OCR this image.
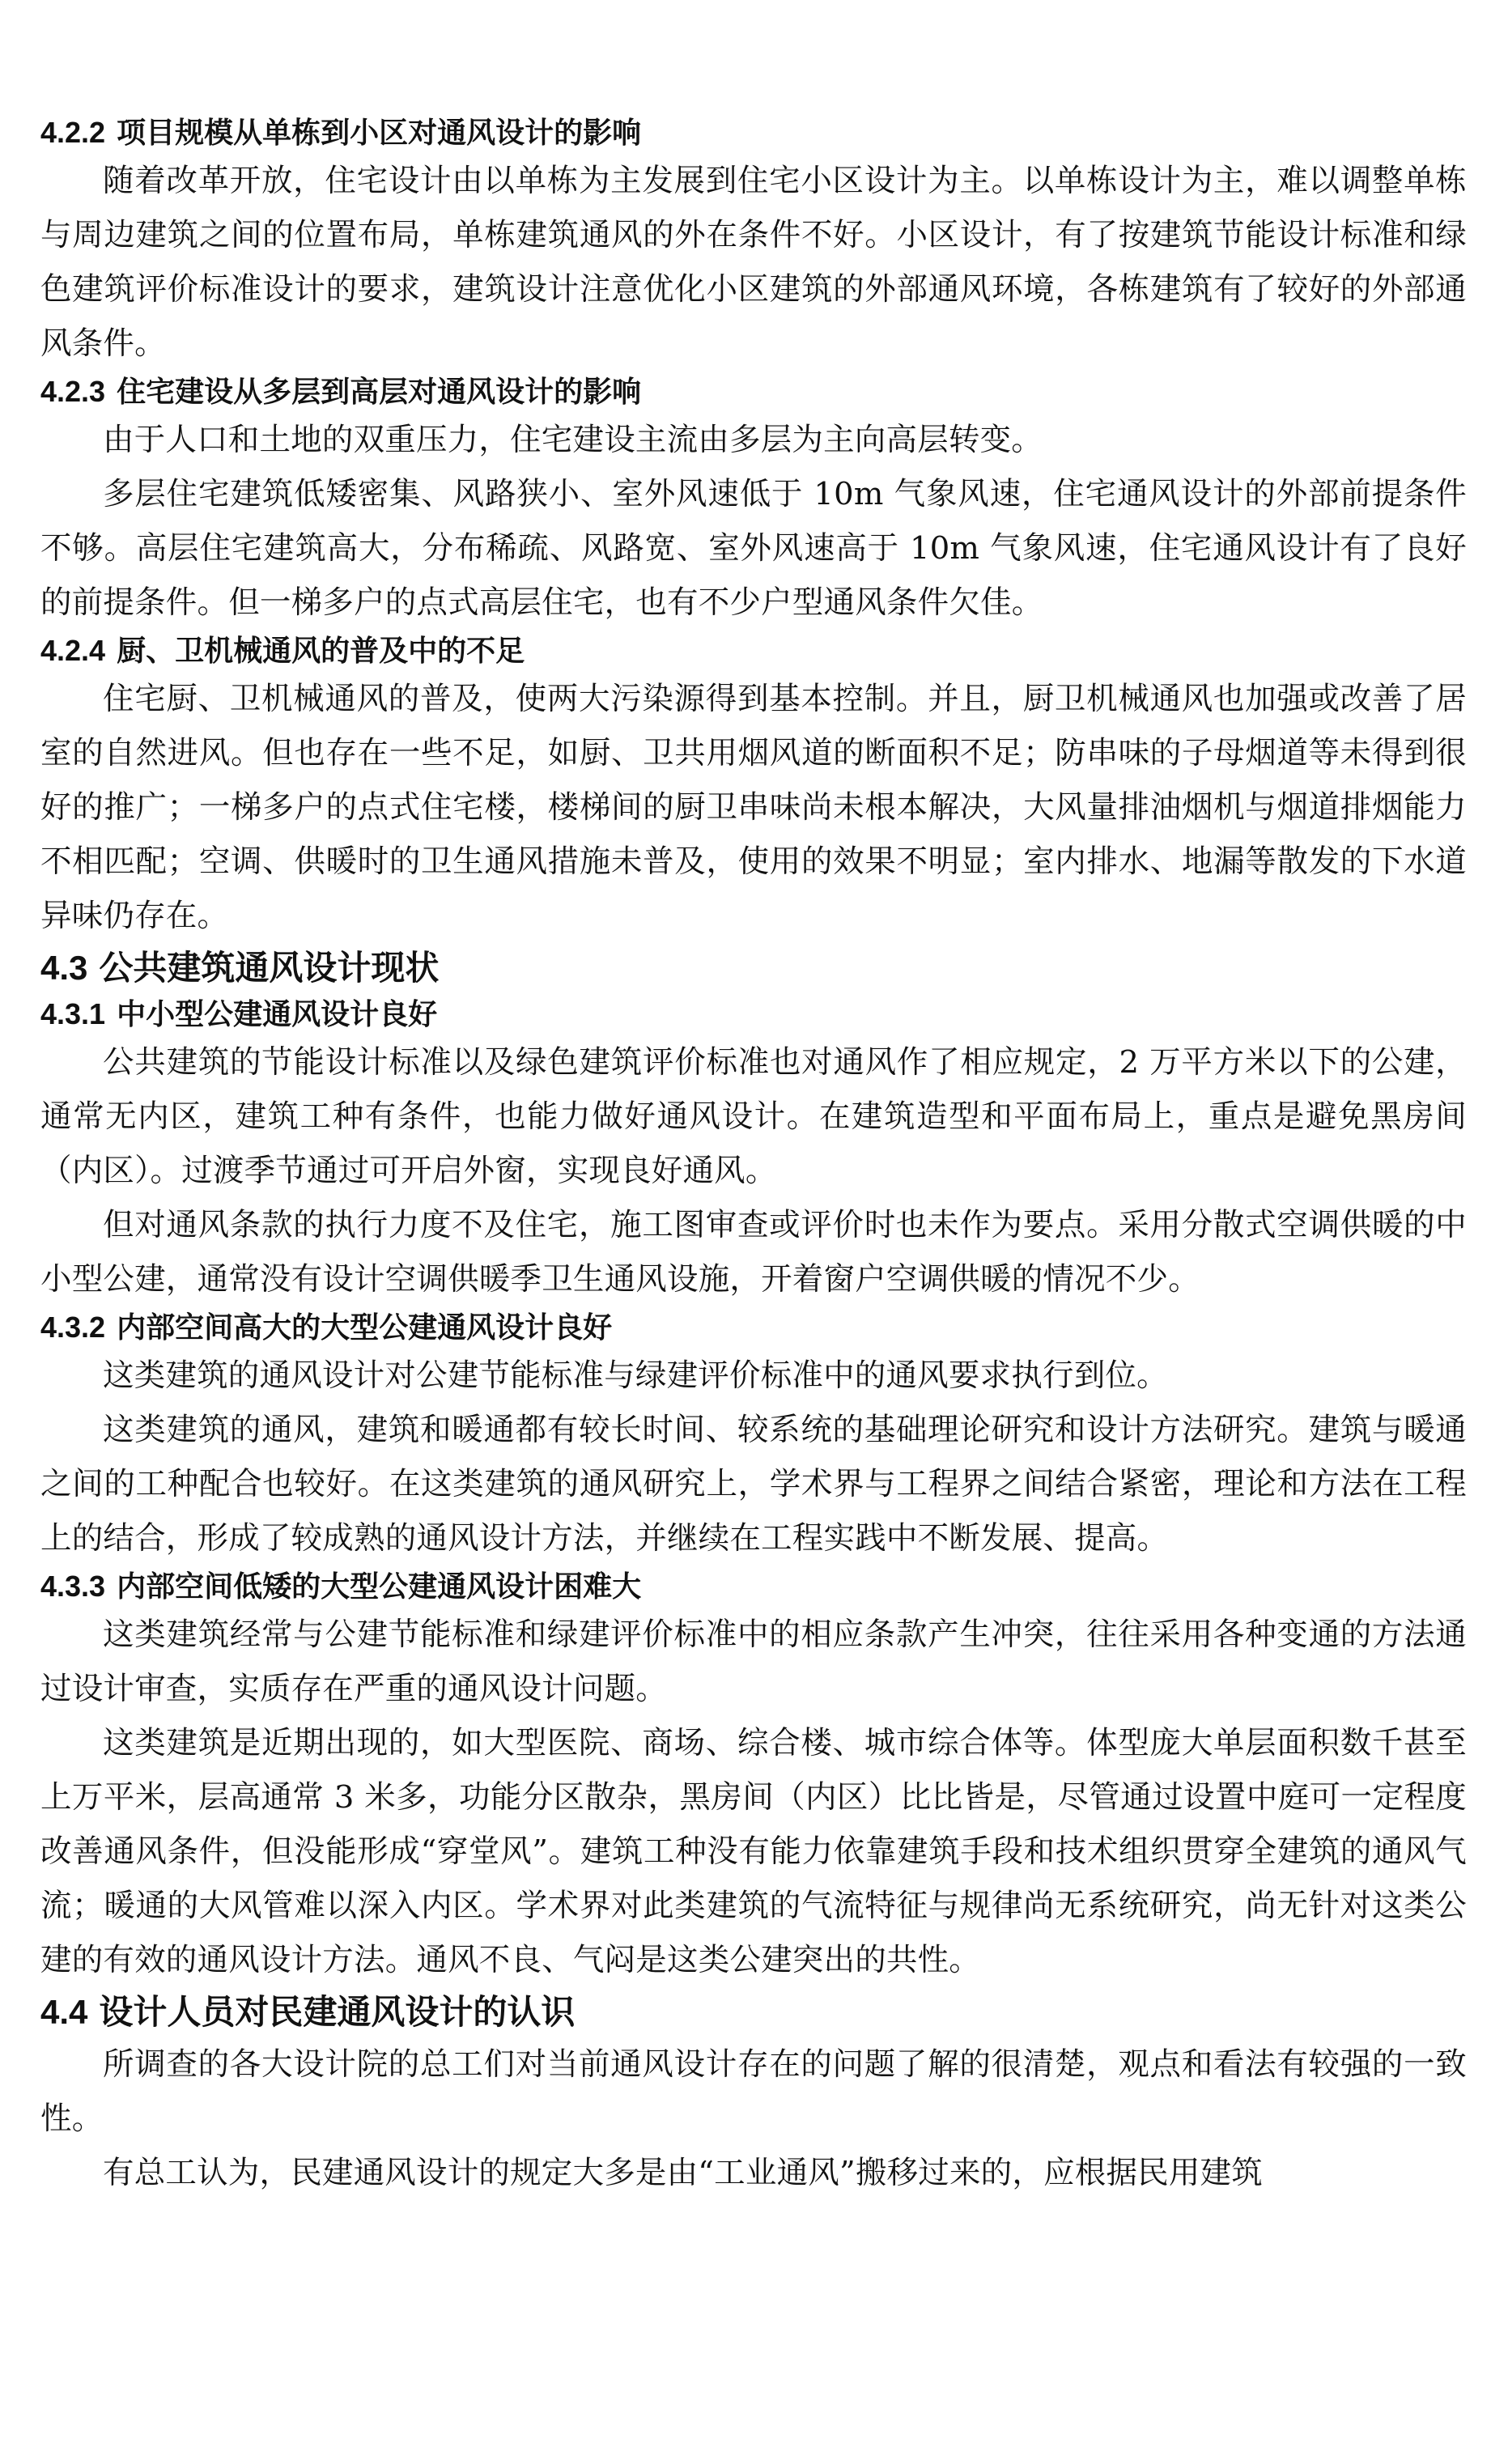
4.2.2 项目规模从单栋到小区对通风设计的影响

随着改革开放，住宅设计由以单栋为主发展到住宅小区设计为主。以单栋设计为主，难以调整单栋与周边建筑之间的位置布局，单栋建筑通风的外在条件不好。小区设计，有了按建筑节能设计标准和绿色建筑评价标准设计的要求，建筑设计注意优化小区建筑的外部通风环境，各栋建筑有了较好的外部通风条件。

4.2.3 住宅建设从多层到高层对通风设计的影响

由于人口和土地的双重压力，住宅建设主流由多层为主向高层转变。

多层住宅建筑低矮密集、风路狭小、室外风速低于 10m 气象风速，住宅通风设计的外部前提条件不够。高层住宅建筑高大，分布稀疏、风路宽、室外风速高于 10m 气象风速，住宅通风设计有了良好的前提条件。但一梯多户的点式高层住宅，也有不少户型通风条件欠佳。

4.2.4 厨、卫机械通风的普及中的不足

住宅厨、卫机械通风的普及，使两大污染源得到基本控制。并且，厨卫机械通风也加强或改善了居室的自然进风。但也存在一些不足，如厨、卫共用烟风道的断面积不足；防串味的子母烟道等未得到很好的推广；一梯多户的点式住宅楼，楼梯间的厨卫串味尚未根本解决，大风量排油烟机与烟道排烟能力不相匹配；空调、供暖时的卫生通风措施未普及，使用的效果不明显；室内排水、地漏等散发的下水道异味仍存在。

4.3 公共建筑通风设计现状
4.3.1 中小型公建通风设计良好

公共建筑的节能设计标准以及绿色建筑评价标准也对通风作了相应规定，2 万平方米以下的公建，通常无内区，建筑工种有条件，也能力做好通风设计。在建筑造型和平面布局上，重点是避免黑房间（内区）。过渡季节通过可开启外窗，实现良好通风。

但对通风条款的执行力度不及住宅，施工图审查或评价时也未作为要点。采用分散式空调供暖的中小型公建，通常没有设计空调供暖季卫生通风设施，开着窗户空调供暖的情况不少。

4.3.2 内部空间高大的大型公建通风设计良好

这类建筑的通风设计对公建节能标准与绿建评价标准中的通风要求执行到位。

这类建筑的通风，建筑和暖通都有较长时间、较系统的基础理论研究和设计方法研究。建筑与暖通之间的工种配合也较好。在这类建筑的通风研究上，学术界与工程界之间结合紧密，理论和方法在工程上的结合，形成了较成熟的通风设计方法，并继续在工程实践中不断发展、提高。

4.3.3 内部空间低矮的大型公建通风设计困难大

这类建筑经常与公建节能标准和绿建评价标准中的相应条款产生冲突，往往采用各种变通的方法通过设计审查，实质存在严重的通风设计问题。

这类建筑是近期出现的，如大型医院、商场、综合楼、城市综合体等。体型庞大单层面积数千甚至上万平米，层高通常 3 米多，功能分区散杂，黑房间（内区）比比皆是，尽管通过设置中庭可一定程度改善通风条件，但没能形成“穿堂风”。建筑工种没有能力依靠建筑手段和技术组织贯穿全建筑的通风气流；暖通的大风管难以深入内区。学术界对此类建筑的气流特征与规律尚无系统研究，尚无针对这类公建的有效的通风设计方法。通风不良、气闷是这类公建突出的共性。

4.4 设计人员对民建通风设计的认识

所调查的各大设计院的总工们对当前通风设计存在的问题了解的很清楚，观点和看法有较强的一致性。

有总工认为，民建通风设计的规定大多是由“工业通风”搬移过来的，应根据民用建筑
